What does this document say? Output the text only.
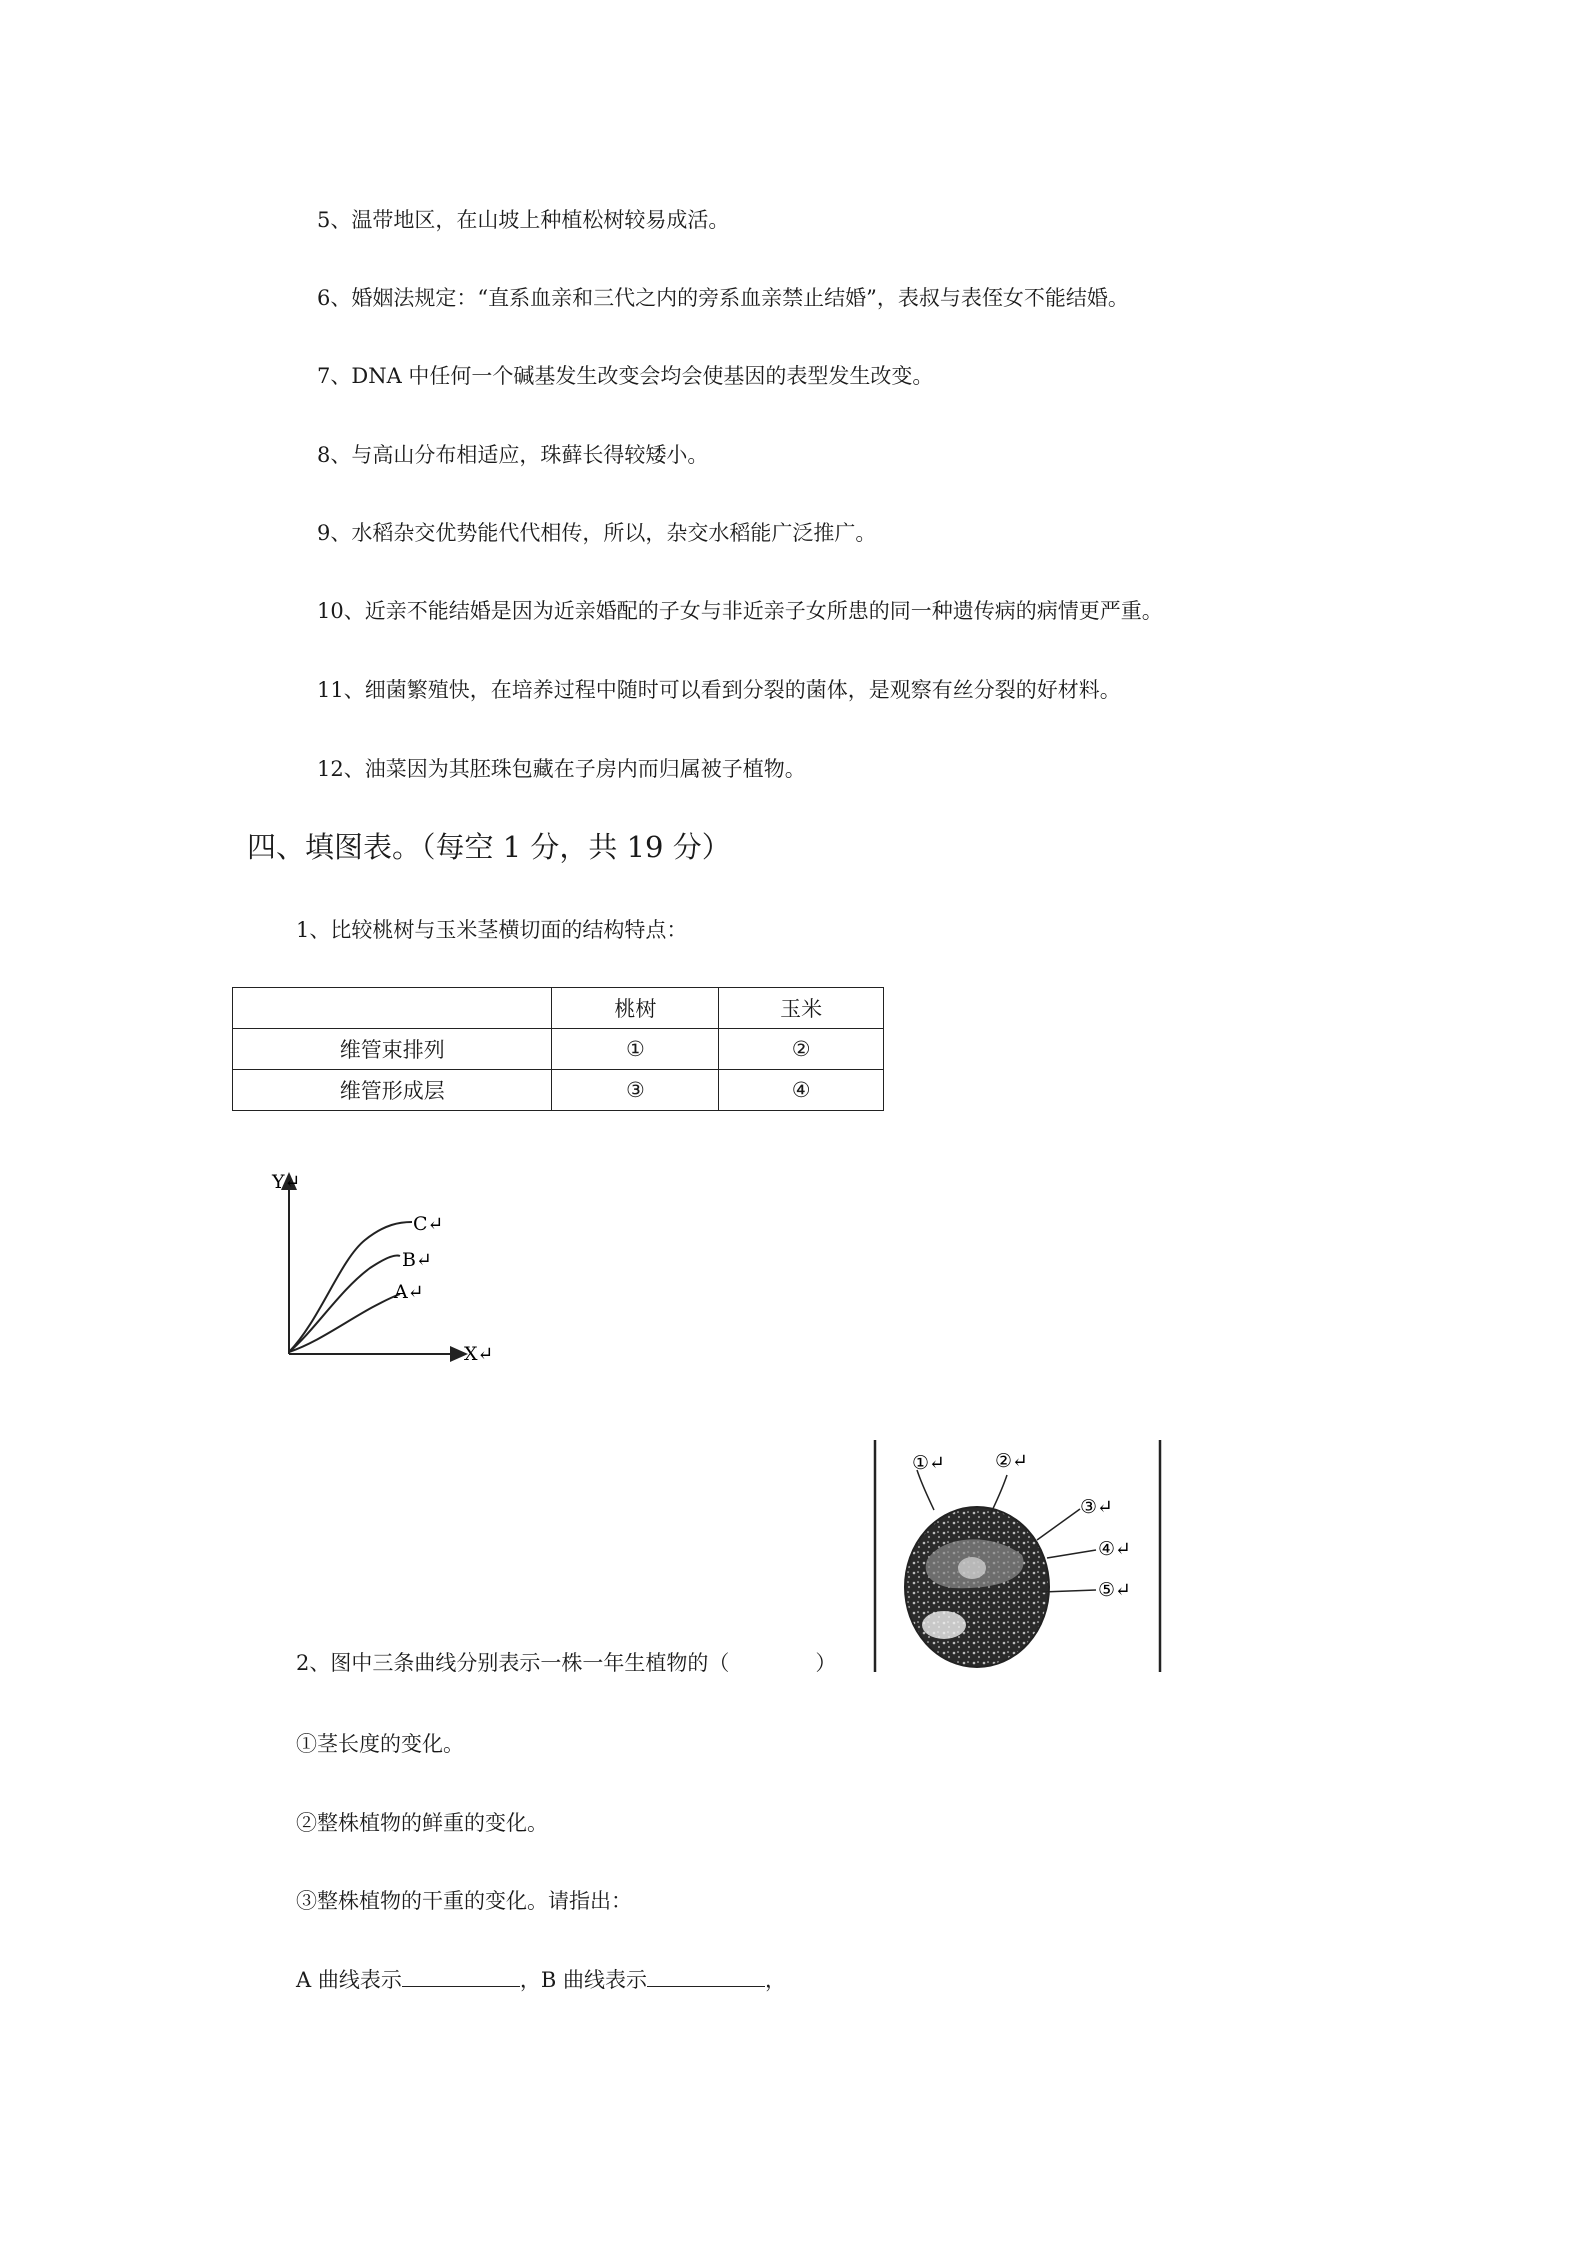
5、温带地区，在山坡上种植松树较易成活。
6、婚姻法规定：“直系血亲和三代之内的旁系血亲禁止结婚”，表叔与表侄女不能结婚。
7、DNA 中任何一个碱基发生改变会均会使基因的表型发生改变。
8、与高山分布相适应，珠藓长得较矮小。
9、水稻杂交优势能代代相传，所以，杂交水稻能广泛推广。
10、近亲不能结婚是因为近亲婚配的子女与非近亲子女所患的同一种遗传病的病情更严重。
11、细菌繁殖快，在培养过程中随时可以看到分裂的菌体，是观察有丝分裂的好材料。
12、油菜因为其胚珠包藏在子房内而归属被子植物。
四、填图表。（每空 1 分，共 19 分）
1、比较桃树与玉米茎横切面的结构特点：
	桃树	玉米
维管束排列	①	②
维管形成层	③	④
Y↵
X↵
C↵
B↵
A↵
①↵	②↵
③↵
④↵
⑤↵
2、图中三条曲线分别表示一株一年生植物的（	）
①茎长度的变化。
②整株植物的鲜重的变化。
③整株植物的干重的变化。请指出：
A 曲线表示	，B 曲线表示	，
